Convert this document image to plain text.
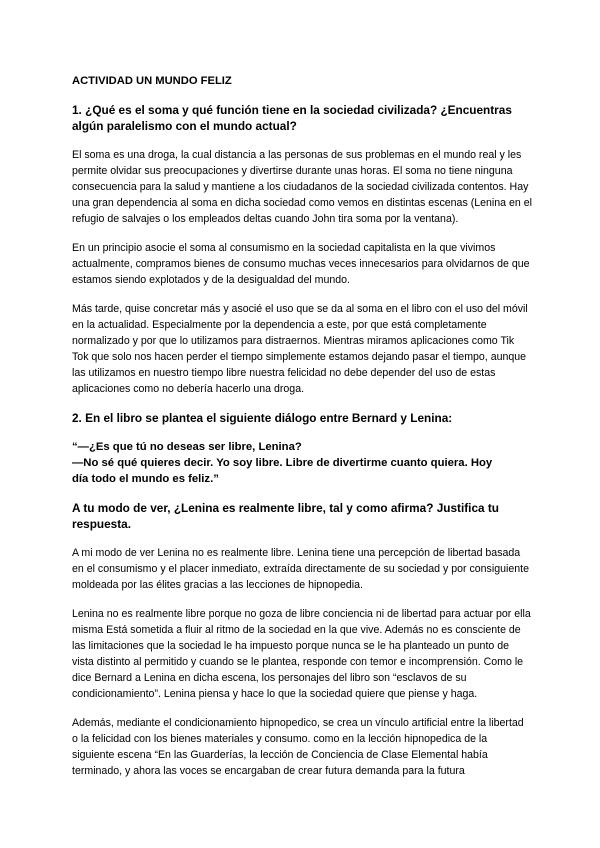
ACTIVIDAD UN MUNDO FELIZ

1. ¿Qué es el soma y qué función tiene en la sociedad civilizada? ¿Encuentras algún paralelismo con el mundo actual?

El soma es una droga, la cual distancia a las personas de sus problemas en el mundo real y les permite olvidar sus preocupaciones y divertirse durante unas horas. El soma no tiene ninguna consecuencia para la salud y mantiene a los ciudadanos de la sociedad civilizada contentos. Hay una gran dependencia al soma en dicha sociedad como vemos en distintas escenas (Lenina en el refugio de salvajes o los empleados deltas cuando John tira soma por la ventana).

En un principio asocie el soma al consumismo en la sociedad capitalista en la que vivimos actualmente, compramos bienes de consumo muchas veces innecesarios para olvidarnos de que estamos siendo explotados y de la desigualdad del mundo.

Más tarde, quise concretar más y asocié el uso que se da al soma en el libro con el uso del móvil en la actualidad. Especialmente por la dependencia a este, por que está completamente normalizado y por que lo utilizamos para distraernos. Mientras miramos aplicaciones como Tik Tok que solo nos hacen perder el tiempo simplemente estamos dejando pasar el tiempo, aunque las utilizamos en nuestro tiempo libre nuestra felicidad no debe depender del uso de estas aplicaciones como no debería hacerlo una droga.

2. En el libro se plantea el siguiente diálogo entre Bernard y Lenina:

“—¿Es que tú no deseas ser libre, Lenina?
—No sé qué quieres decir. Yo soy libre. Libre de divertirme cuanto quiera. Hoy
día todo el mundo es feliz.”

A tu modo de ver, ¿Lenina es realmente libre, tal y como afirma? Justifica tu respuesta.

A mi modo de ver Lenina no es realmente libre. Lenina tiene una percepción de libertad basada en el consumismo y el placer inmediato, extraída directamente de su sociedad y por consiguiente moldeada por las élites gracias a las lecciones de hipnopedia.

Lenina no es realmente libre porque no goza de libre conciencia ni de libertad para actuar por ella misma Está sometida a fluir al ritmo de la sociedad en la que vive. Además no es consciente de las limitaciones que la sociedad le ha impuesto porque nunca se le ha planteado un punto de vista distinto al permitido y cuando se le plantea, responde con temor e incomprensión. Como le dice Bernard a Lenina en dicha escena, los personajes del libro son “esclavos de su condicionamiento”. Lenina piensa y hace lo que la sociedad quiere que piense y haga.

Además, mediante el condicionamiento hipnopedico, se crea un vínculo artificial entre la libertad o la felicidad con los bienes materiales y consumo. como en la lección hipnopedica de la siguiente escena “En las Guarderías, la lección de Conciencia de Clase Elemental había terminado, y ahora las voces se encargaban de crear futura demanda para la futura
